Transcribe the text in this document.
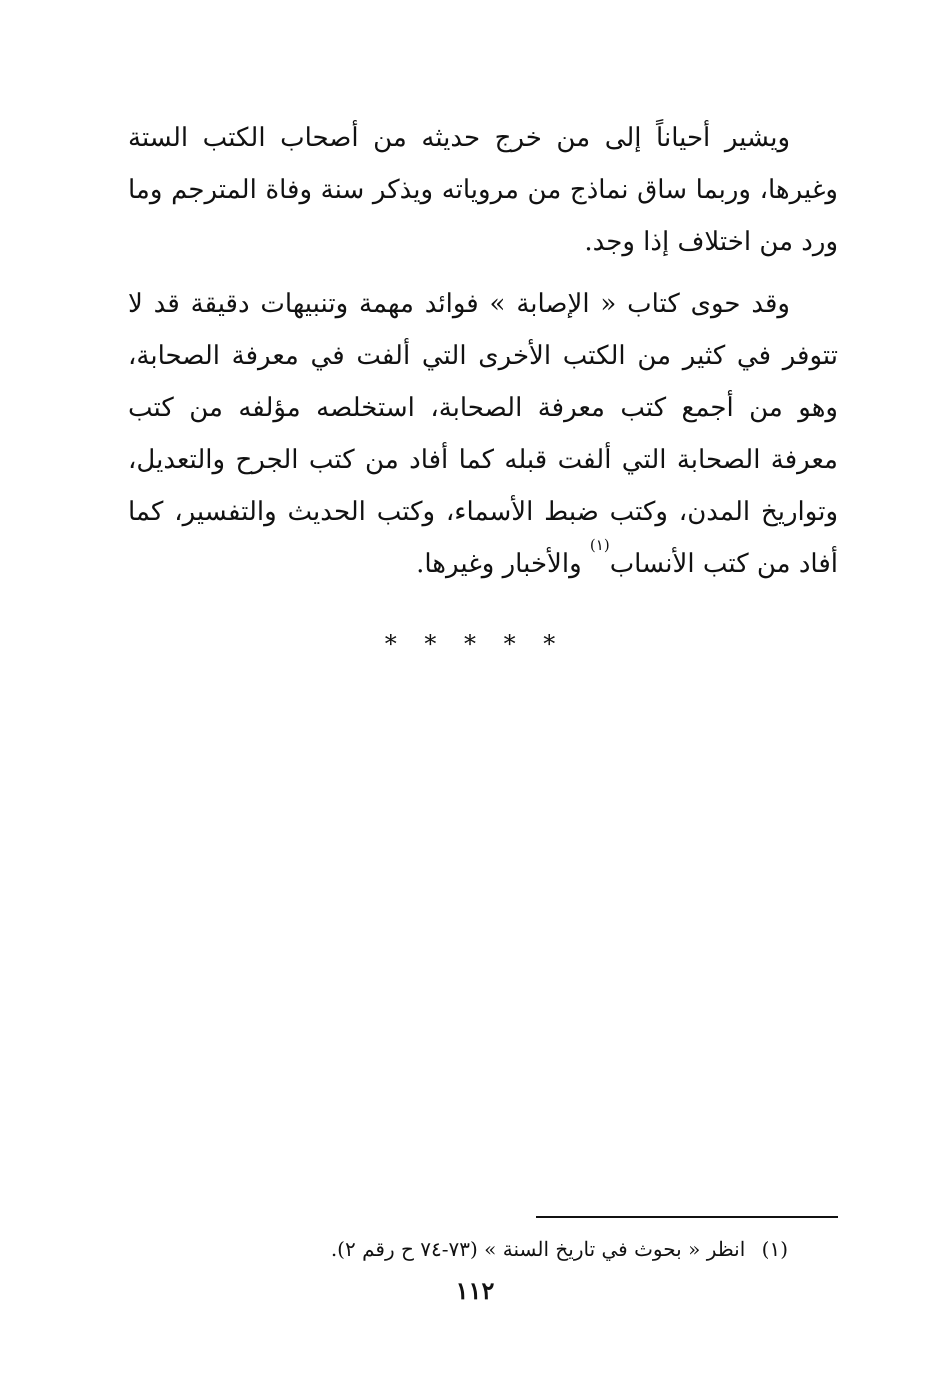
ويشير أحياناً إلى من خرج حديثه من أصحاب الكتب الستة وغيرها، وربما ساق نماذج من مروياته ويذكر سنة وفاة المترجم وما ورد من اختلاف إذا وجد.

وقد حوى كتاب « الإصابة » فوائد مهمة وتنبيهات دقيقة قد لا تتوفر في كثير من الكتب الأخرى التي ألفت في معرفة الصحابة، وهو من أجمع كتب معرفة الصحابة، استخلصه مؤلفه من كتب معرفة الصحابة التي ألفت قبله كما أفاد من كتب الجرح والتعديل، وتواريخ المدن، وكتب ضبط الأسماء، وكتب الحديث والتفسير، كما أفاد من كتب الأنساب$^{(١)}$ والأخبار وغيرها.

* * * * *
(١) انظر « بحوث في تاريخ السنة » (٧٣-٧٤ ح رقم ٢).
١١٢
